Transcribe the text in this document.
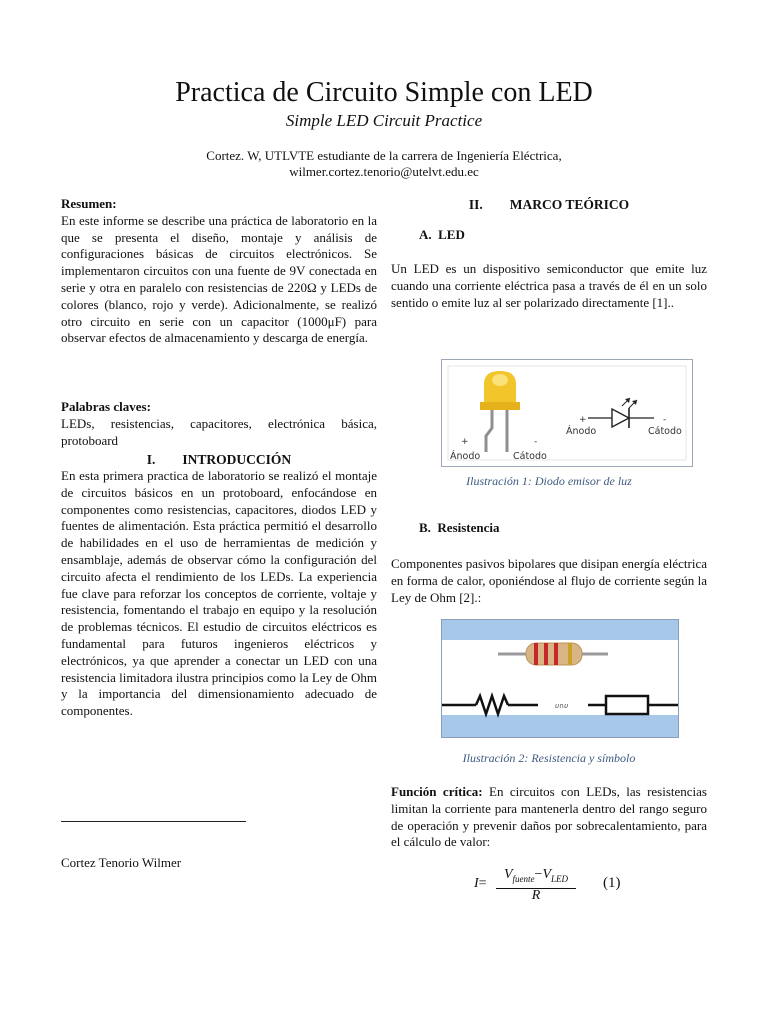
Practica de Circuito Simple con LED
Simple LED Circuit Practice
Cortez. W, UTLVTE estudiante de la carrera de Ingeniería Eléctrica,
wilmer.cortez.tenorio@utelvt.edu.ec
Resumen:
En este informe se describe una práctica de laboratorio en la que se presenta el diseño, montaje y análisis de configuraciones básicas de circuitos electrónicos. Se implementaron circuitos con una fuente de 9V conectada en serie y otra en paralelo con resistencias de 220Ω y LEDs de colores (blanco, rojo y verde). Adicionalmente, se realizó otro circuito en serie con un capacitor (1000μF) para observar efectos de almacenamiento y descarga de energía.
Palabras claves:
LEDs, resistencias, capacitores, electrónica básica, protoboard
I.  INTRODUCCIÓN
En esta primera practica de laboratorio se realizó el montaje de circuitos básicos en un protoboard, enfocándose en componentes como resistencias, capacitores, diodos LED y fuentes de alimentación. Esta práctica permitió el desarrollo de habilidades en el uso de herramientas de medición y ensamblaje, además de observar cómo la configuración del circuito afecta el rendimiento de los LEDs. La experiencia fue clave para reforzar los conceptos de corriente, voltaje y resistencia, fomentando el trabajo en equipo y la resolución de problemas técnicos. El estudio de circuitos eléctricos es fundamental para futuros ingenieros eléctricos y electrónicos, ya que aprender a conectar un LED con una resistencia limitadora ilustra principios como la Ley de Ohm y la importancia del dimensionamiento adecuado de componentes.
Cortez Tenorio Wilmer
II.  MARCO TEÓRICO
A. LED
Un LED es un dispositivo semiconductor que emite luz cuando una corriente eléctrica pasa a través de él en un solo sentido o emite luz al ser polarizado directamente [1]..
+	-
Ánodo	Cátodo
+	-
Ánodo	Cátodo
Ilustración 1: Diodo emisor de luz
B. Resistencia
Componentes pasivos bipolares que disipan energía eléctrica en forma de calor, oponiéndose al flujo de corriente según la Ley de Ohm [2].:
υ∩υ
Ilustración 2: Resistencia y símbolo
Función crítica: En circuitos con LEDs, las resistencias limitan la corriente para mantenerla dentro del rango seguro de operación y prevenir daños por sobrecalentamiento, para el cálculo de valor:
I=
$V_{fuente}-V_{LED}$
R
(1)
